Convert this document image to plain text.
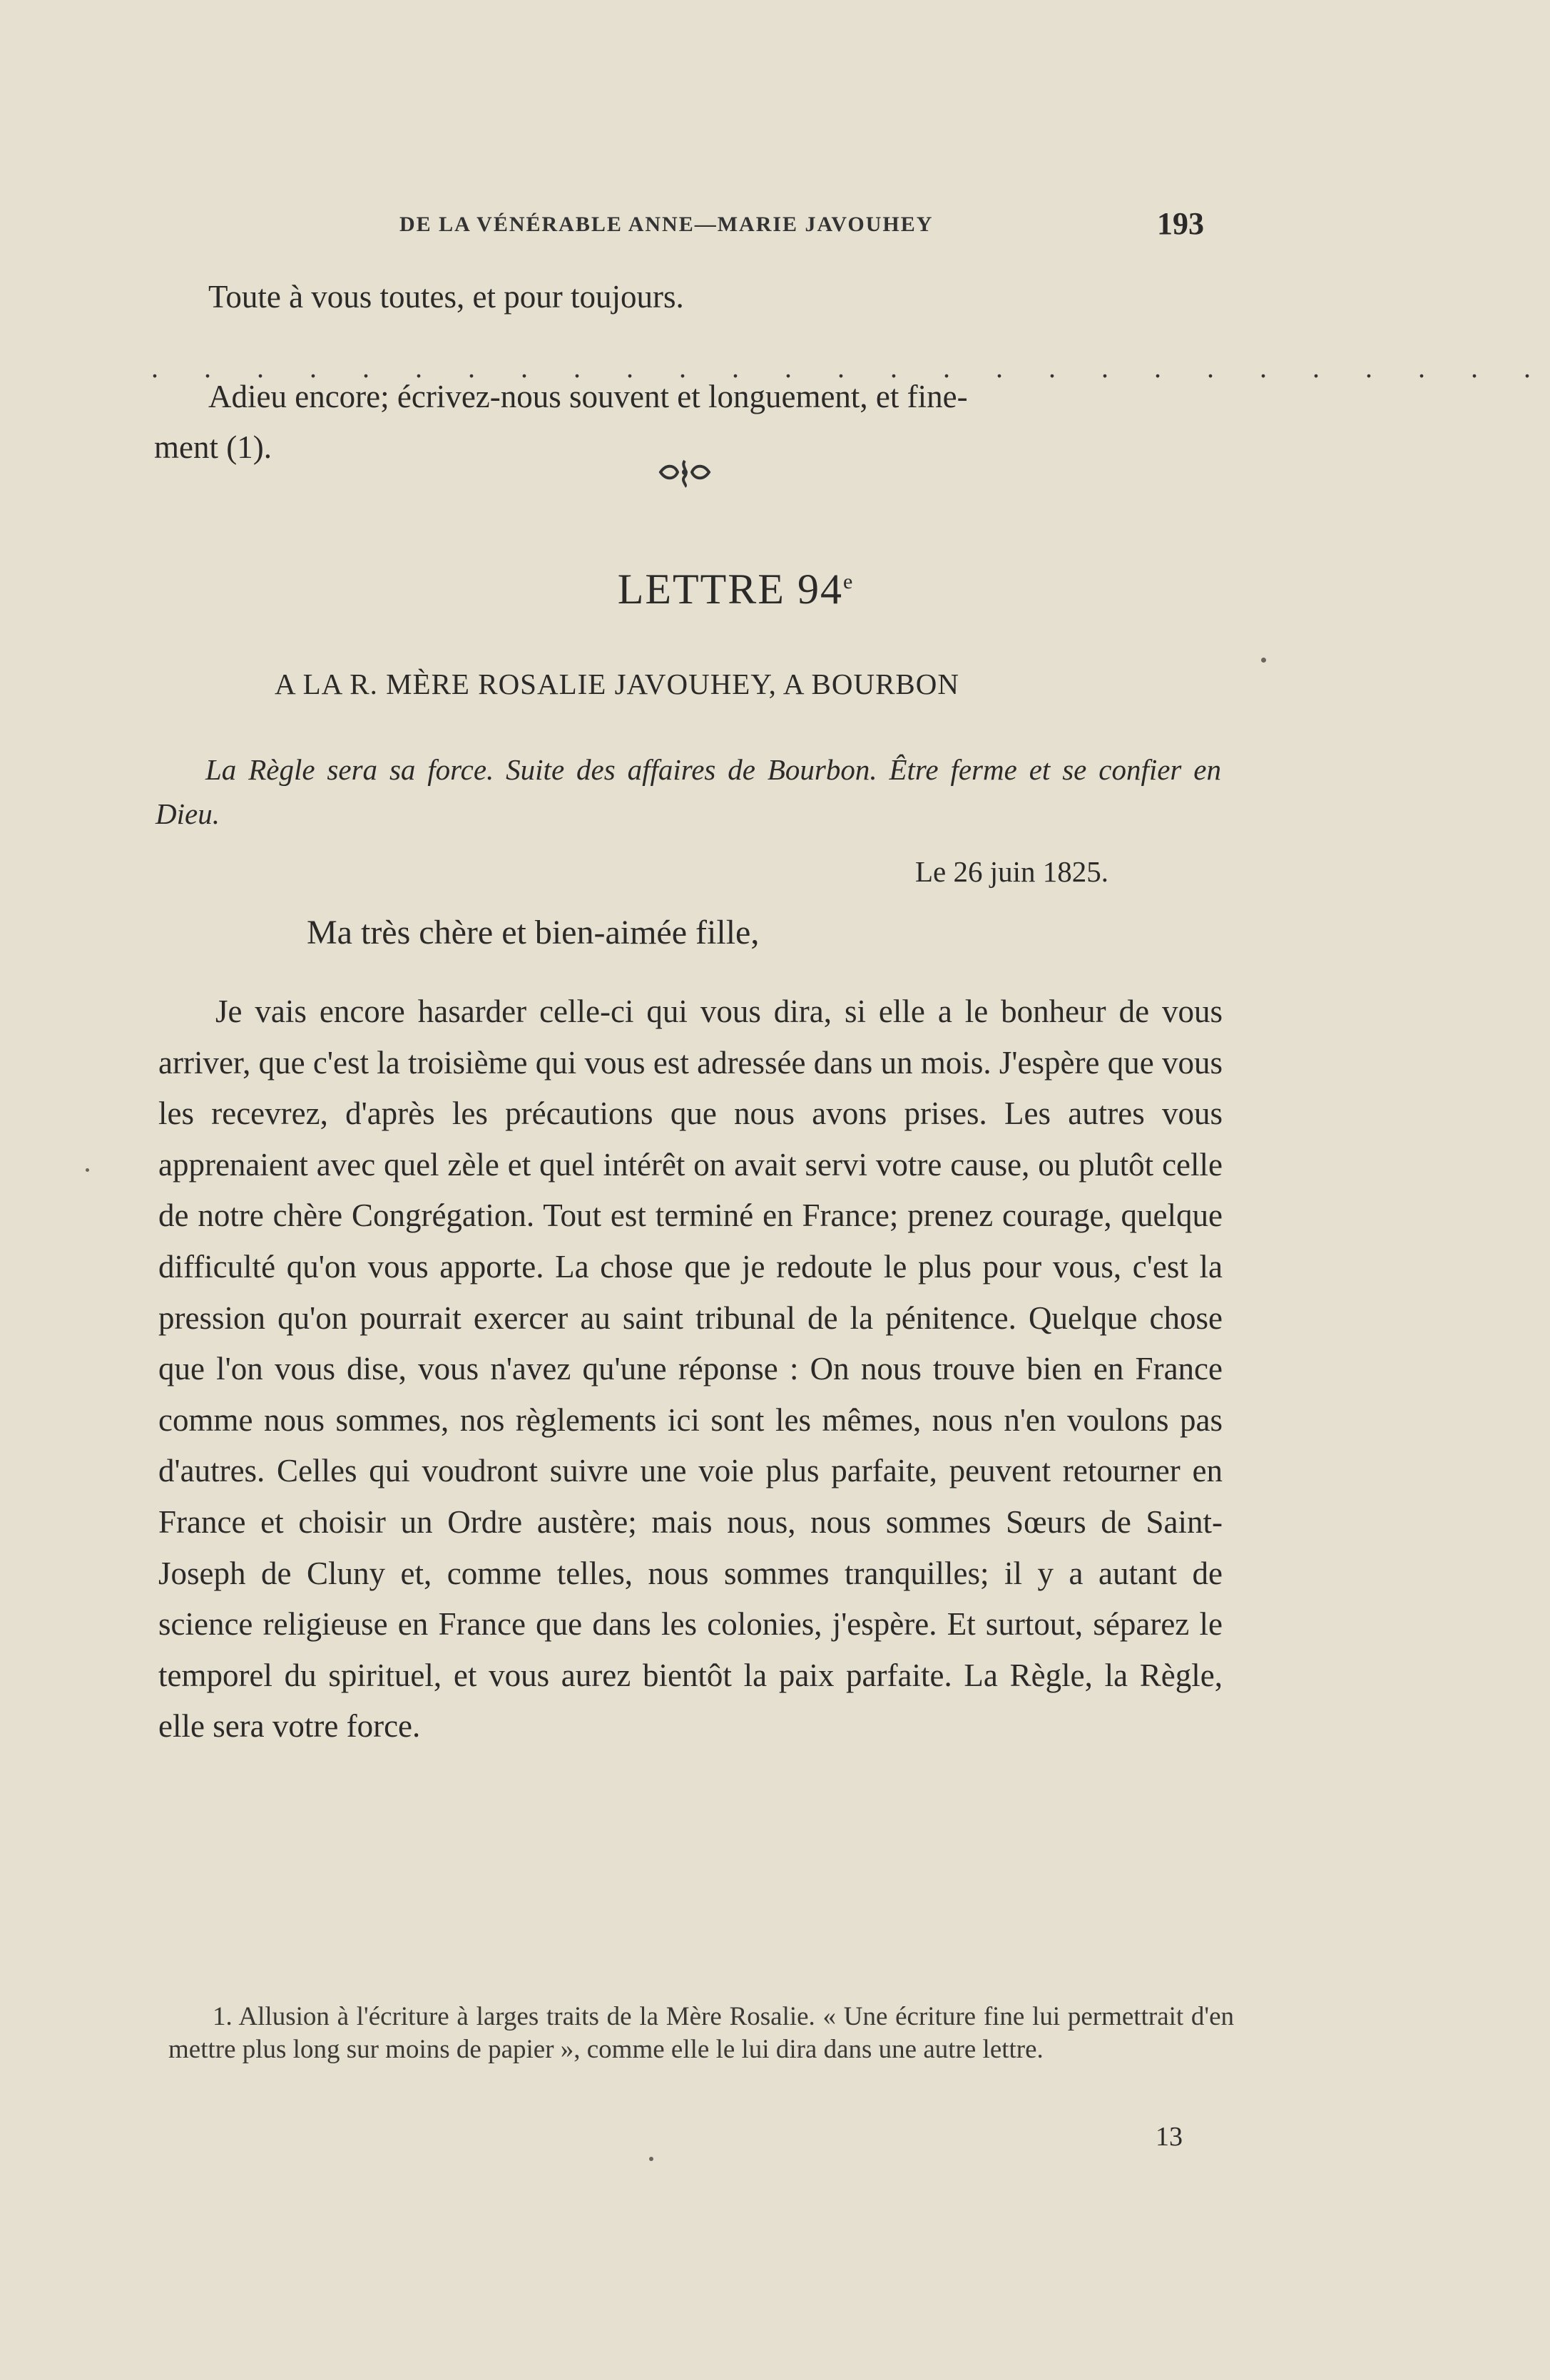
DE LA VÉNÉRABLE ANNE—MARIE JAVOUHEY	193
Toute à vous toutes, et pour toujours.
. . . . . . . . . . . . . . . . . . . . . . . . . . .
Adieu encore; écrivez-nous souvent et longuement, et fine-
ment (1).
LETTRE 94e
A LA R. MÈRE ROSALIE JAVOUHEY, A BOURBON
La Règle sera sa force. Suite des affaires de Bourbon. Être ferme et se confier en Dieu.
Le 26 juin 1825.
Ma très chère et bien-aimée fille,
Je vais encore hasarder celle-ci qui vous dira, si elle a le bonheur de vous arriver, que c'est la troisième qui vous est adressée dans un mois. J'espère que vous les recevrez, d'après les précautions que nous avons prises. Les autres vous apprenaient avec quel zèle et quel intérêt on avait servi votre cause, ou plutôt celle de notre chère Congrégation. Tout est terminé en France; prenez courage, quelque difficulté qu'on vous apporte. La chose que je redoute le plus pour vous, c'est la pression qu'on pourrait exercer au saint tribunal de la pénitence. Quelque chose que l'on vous dise, vous n'avez qu'une réponse : On nous trouve bien en France comme nous sommes, nos règlements ici sont les mêmes, nous n'en voulons pas d'autres. Celles qui voudront suivre une voie plus parfaite, peuvent retourner en France et choisir un Ordre austère; mais nous, nous sommes Sœurs de Saint-Joseph de Cluny et, comme telles, nous sommes tranquilles; il y a autant de science religieuse en France que dans les colonies, j'espère. Et surtout, séparez le temporel du spirituel, et vous aurez bientôt la paix parfaite. La Règle, la Règle, elle sera votre force.
1. Allusion à l'écriture à larges traits de la Mère Rosalie. « Une écriture fine lui permettrait d'en mettre plus long sur moins de papier », comme elle le lui dira dans une autre lettre.
13
